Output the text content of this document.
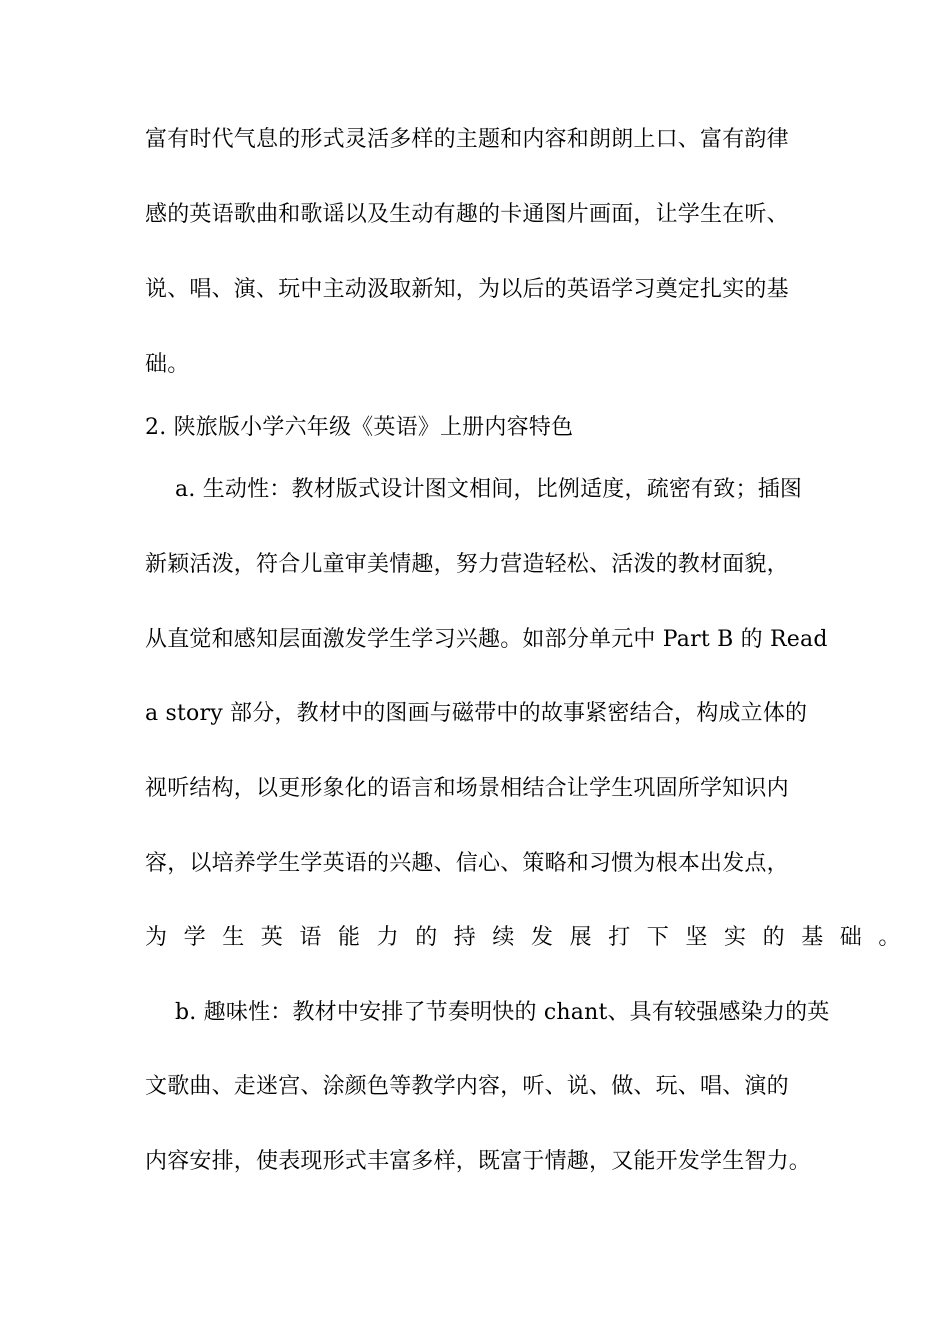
富有时代气息的形式灵活多样的主题和内容和朗朗上口、富有韵律
感的英语歌曲和歌谣以及生动有趣的卡通图片画面，让学生在听、
说、唱、演、玩中主动汲取新知，为以后的英语学习奠定扎实的基
础。
2. 陕旅版小学六年级《英语》上册内容特色
a. 生动性：教材版式设计图文相间，比例适度，疏密有致；插图
新颖活泼，符合儿童审美情趣，努力营造轻松、活泼的教材面貌，
从直觉和感知层面激发学生学习兴趣。如部分单元中 Part B 的 Read
a story 部分，教材中的图画与磁带中的故事紧密结合，构成立体的
视听结构，以更形象化的语言和场景相结合让学生巩固所学知识内
容，以培养学生学英语的兴趣、信心、策略和习惯为根本出发点，
为学生英语能力的持续发展打下坚实的基础。
b. 趣味性：教材中安排了节奏明快的 chant、具有较强感染力的英
文歌曲、走迷宫、涂颜色等教学内容，听、说、做、玩、唱、演的
内容安排，使表现形式丰富多样，既富于情趣，又能开发学生智力。
